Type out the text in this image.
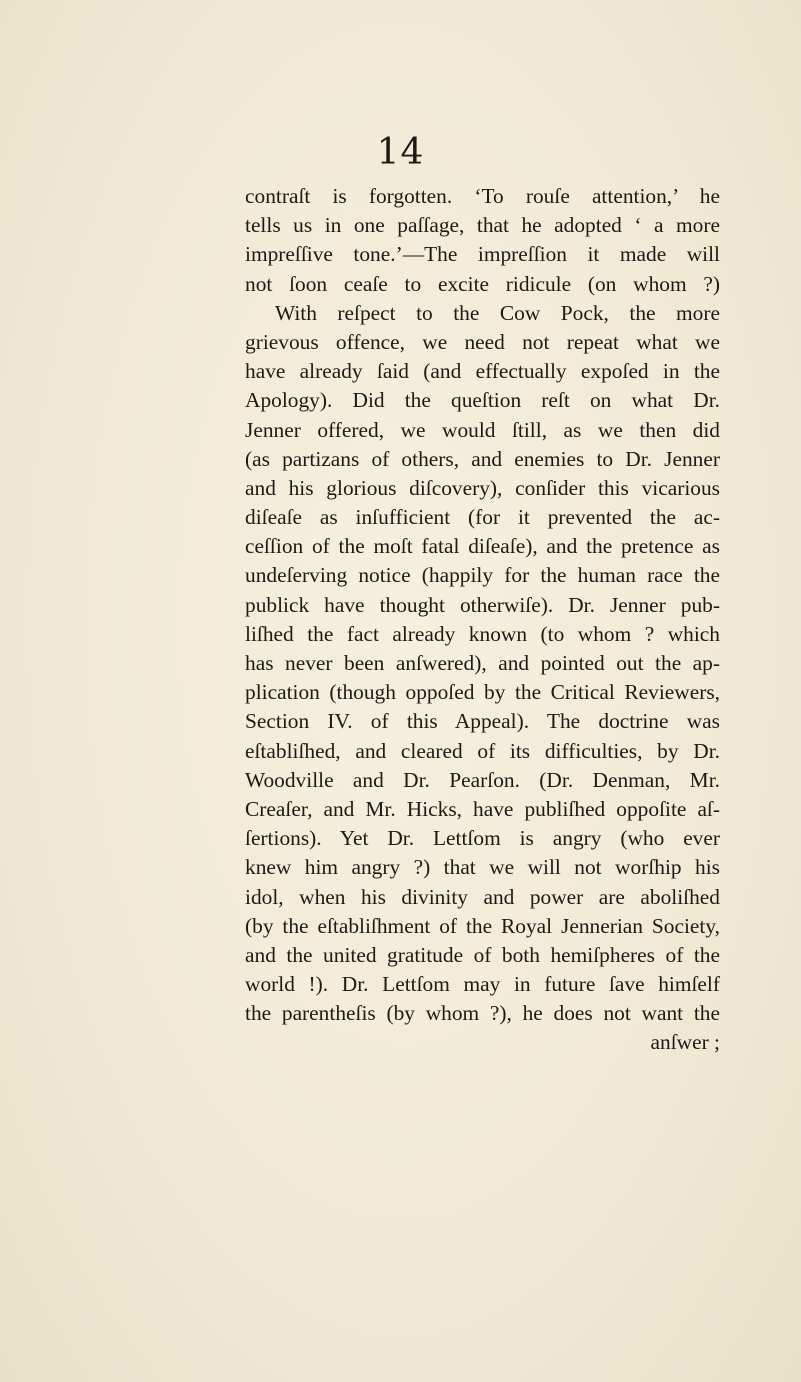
14
contraſt is forgotten. ‘To rouſe attention,’ he
tells us in one paſſage, that he adopted ‘ a more
impreſſive tone.’—The impreſſion it made will
not ſoon ceaſe to excite ridicule (on whom ?)
With reſpect to the Cow Pock, the more
grievous offence, we need not repeat what we
have already ſaid (and effectually expoſed in the
Apology). Did the queſtion reſt on what Dr.
Jenner offered, we would ſtill, as we then did
(as partizans of others, and enemies to Dr. Jenner
and his glorious diſcovery), conſider this vicarious
diſeaſe as inſufficient (for it prevented the ac-
ceſſion of the moſt fatal diſeaſe), and the pretence as
undeſerving notice (happily for the human race the
publick have thought otherwiſe). Dr. Jenner pub-
liſhed the fact already known (to whom ? which
has never been anſwered), and pointed out the ap-
plication (though oppoſed by the Critical Reviewers,
Section IV. of this Appeal). The doctrine was
eſtabliſhed, and cleared of its difficulties, by Dr.
Woodville and Dr. Pearſon. (Dr. Denman, Mr.
Creaſer, and Mr. Hicks, have publiſhed oppoſite aſ-
ſertions). Yet Dr. Lettſom is angry (who ever
knew him angry ?) that we will not worſhip his
idol, when his divinity and power are aboliſhed
(by the eſtabliſhment of the Royal Jennerian Society,
and the united gratitude of both hemiſpheres of the
world !). Dr. Lettſom may in future ſave himſelf
the parentheſis (by whom ?), he does not want the
anſwer ;
